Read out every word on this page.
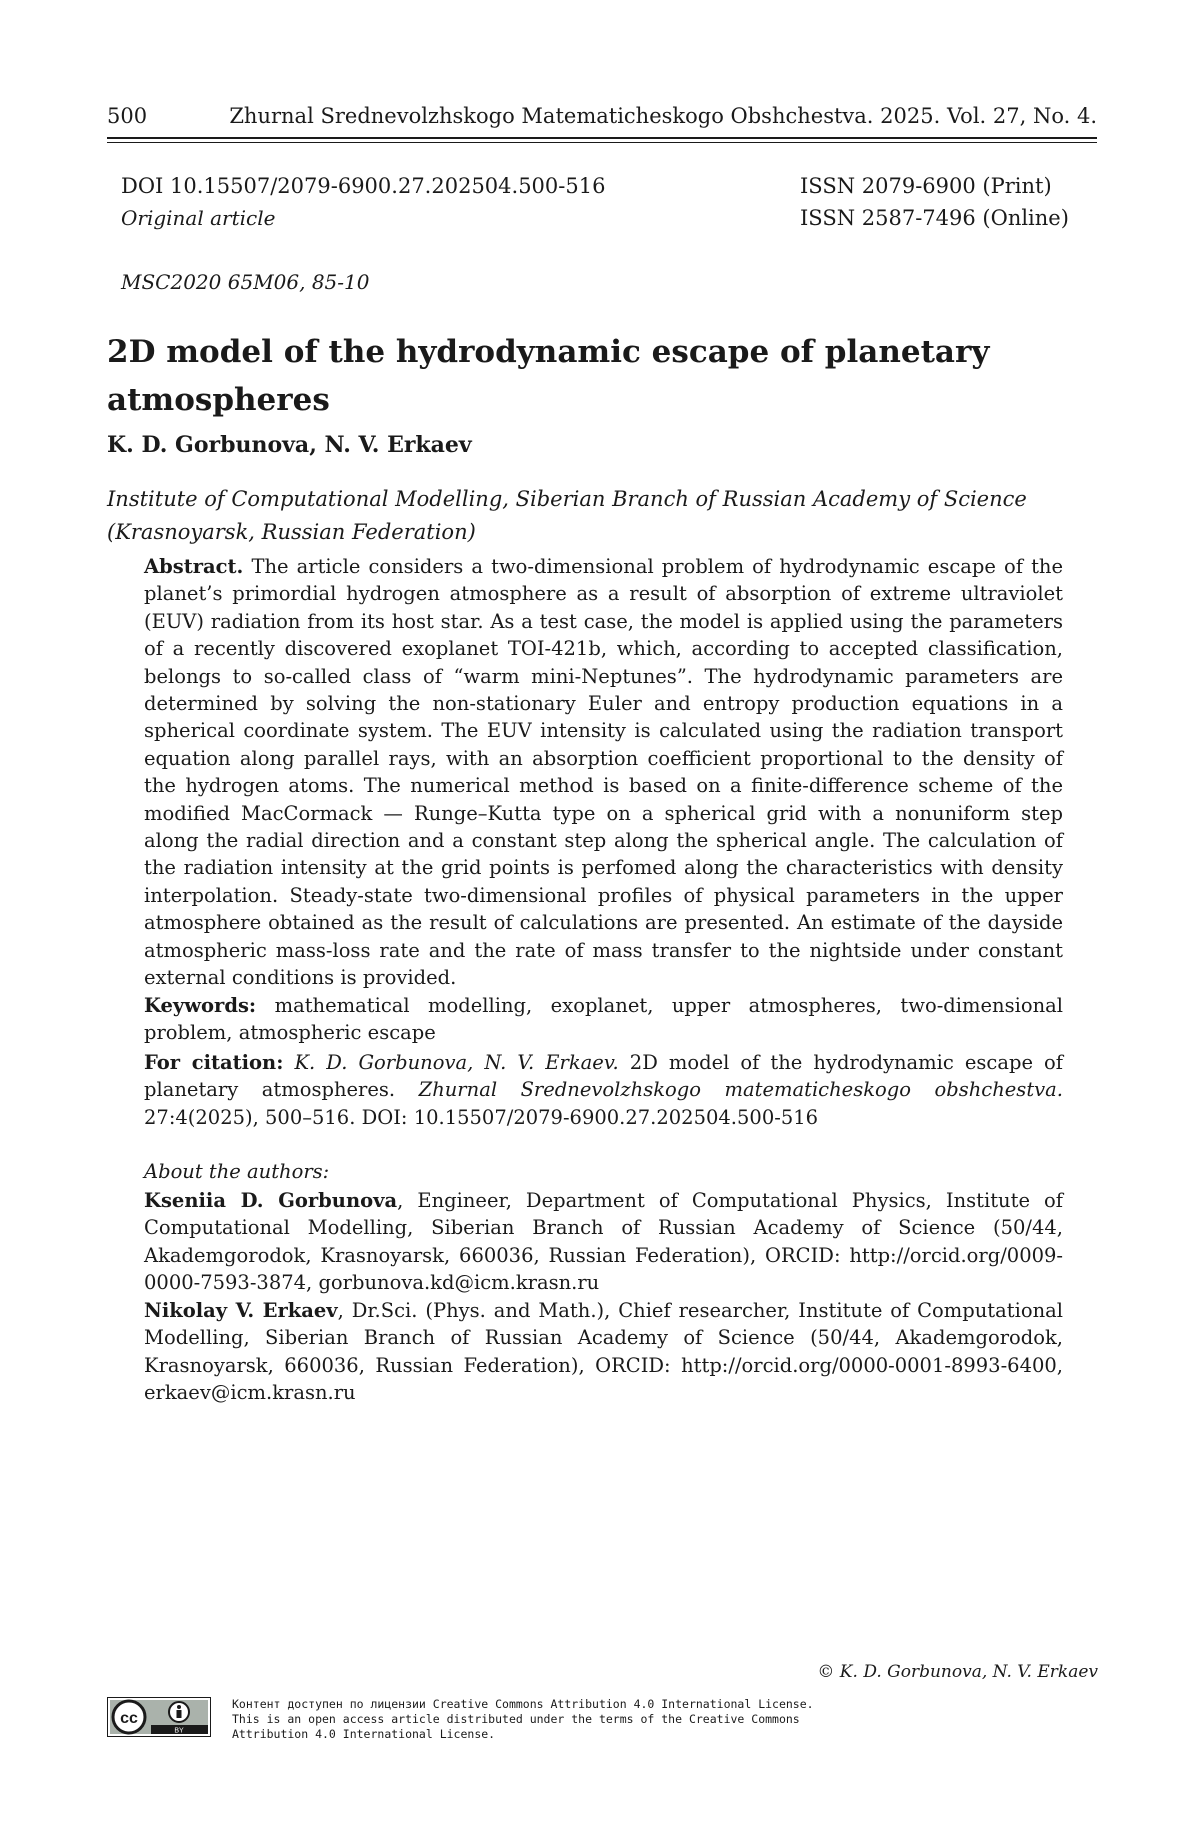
500	Zhurnal Srednevolzhskogo Matematicheskogo Obshchestva. 2025. Vol. 27, No. 4.
DOI 10.15507/2079-6900.27.202504.500-516
Original article
ISSN 2079-6900 (Print)
ISSN 2587-7496 (Online)
MSC2020 65M06, 85-10
2D model of the hydrodynamic escape of planetary atmospheres
K. D. Gorbunova, N. V. Erkaev
Institute of Computational Modelling, Siberian Branch of Russian Academy of Science (Krasnoyarsk, Russian Federation)
Abstract. The article considers a two-dimensional problem of hydrodynamic escape of the planet’s primordial hydrogen atmosphere as a result of absorption of extreme ultraviolet (EUV) radiation from its host star. As a test case, the model is applied using the parameters of a recently discovered exoplanet TOI-421b, which, according to accepted classification, belongs to so-called class of “warm mini-Neptunes”. The hydrodynamic parameters are determined by solving the non-stationary Euler and entropy production equations in a spherical coordinate system. The EUV intensity is calculated using the radiation transport equation along parallel rays, with an absorption coefficient proportional to the density of the hydrogen atoms. The numerical method is based on a finite-difference scheme of the modified MacCormack — Runge–Kutta type on a spherical grid with a nonuniform step along the radial direction and a constant step along the spherical angle. The calculation of the radiation intensity at the grid points is perfomed along the characteristics with density interpolation. Steady-state two-dimensional profiles of physical parameters in the upper atmosphere obtained as the result of calculations are presented. An estimate of the dayside atmospheric mass-loss rate and the rate of mass transfer to the nightside under constant external conditions is provided.
Keywords: mathematical modelling, exoplanet, upper atmospheres, two-dimensional problem, atmospheric escape
For citation: K. D. Gorbunova, N. V. Erkaev. 2D model of the hydrodynamic escape of planetary atmospheres. Zhurnal Srednevolzhskogo matematicheskogo obshchestva. 27:4(2025), 500–516. DOI: 10.15507/2079-6900.27.202504.500-516
About the authors:
Kseniia D. Gorbunova, Engineer, Department of Computational Physics, Institute of Computational Modelling, Siberian Branch of Russian Academy of Science (50/44, Akademgorodok, Krasnoyarsk, 660036, Russian Federation), ORCID: http://orcid.org/0009-0000-7593-3874, gorbunova.kd@icm.krasn.ru
Nikolay V. Erkaev, Dr.Sci. (Phys. and Math.), Chief researcher, Institute of Computational Modelling, Siberian Branch of Russian Academy of Science (50/44, Akademgorodok, Krasnoyarsk, 660036, Russian Federation), ORCID: http://orcid.org/0000-0001-8993-6400, erkaev@icm.krasn.ru
© K. D. Gorbunova, N. V. Erkaev
cc
BY
Контент доступен по лицензии Creative Commons Attribution 4.0 International License.
This is an open access article distributed under the terms of the Creative Commons
Attribution 4.0 International License.
